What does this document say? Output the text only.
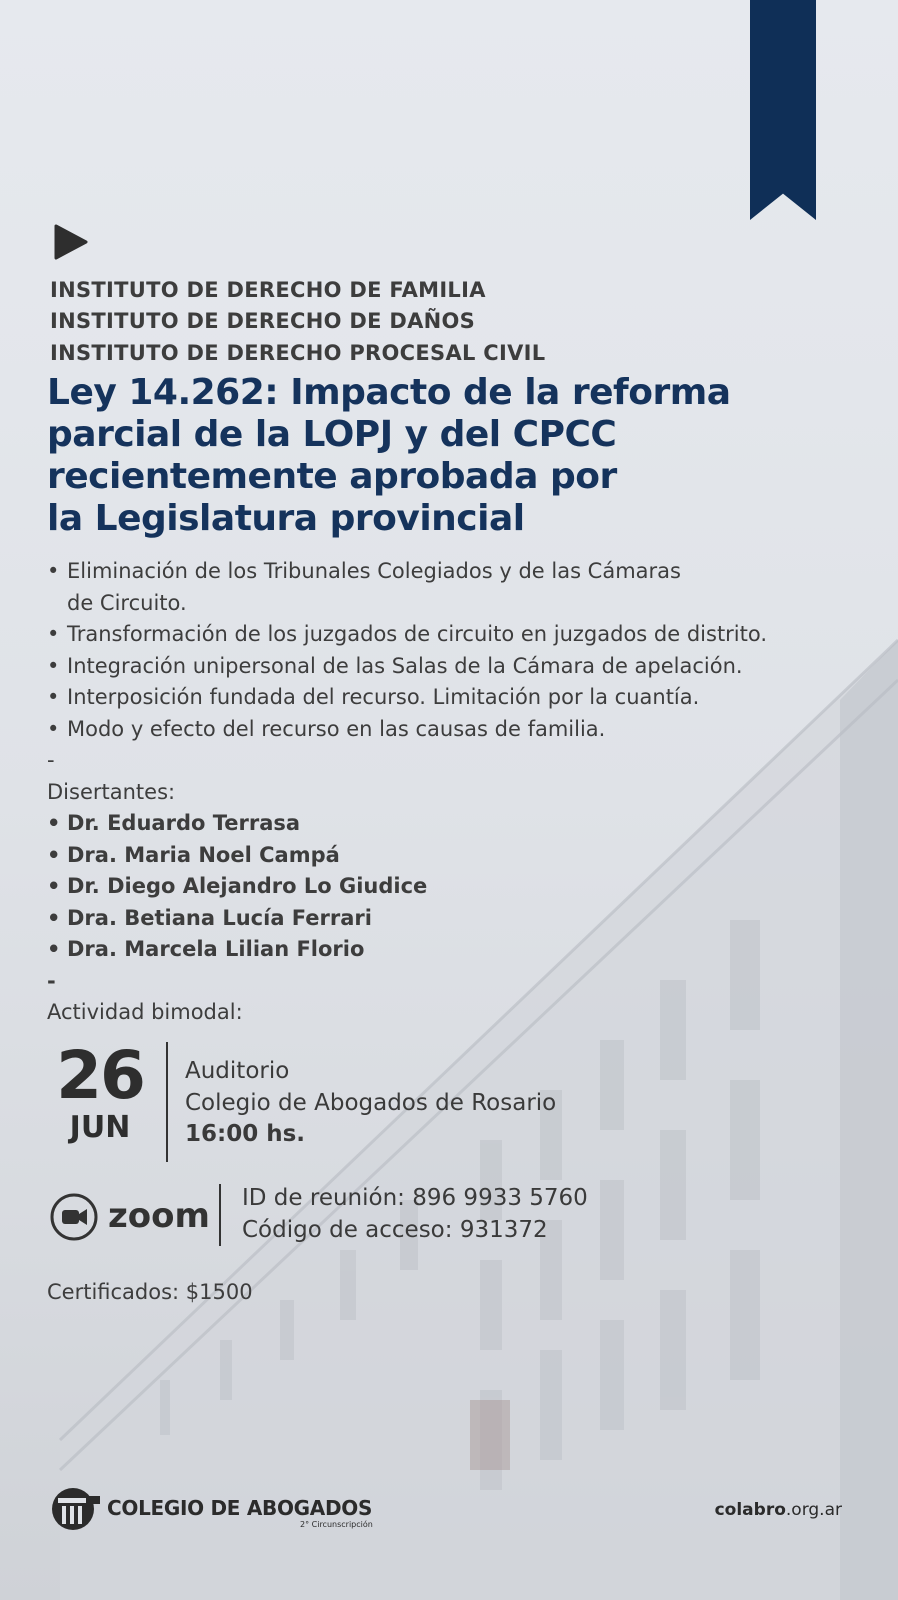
INSTITUTO DE DERECHO DE FAMILIA
INSTITUTO DE DERECHO DE DAÑOS
INSTITUTO DE DERECHO PROCESAL CIVIL
Ley 14.262: Impacto de la reforma
parcial de la LOPJ y del CPCC
recientemente aprobada por
la Legislatura provincial
• Eliminación de los Tribunales Colegiados y de las Cámaras
de Circuito.
• Transformación de los juzgados de circuito en juzgados de distrito.
• Integración unipersonal de las Salas de la Cámara de apelación.
• Interposición fundada del recurso. Limitación por la cuantía.
• Modo y efecto del recurso en las causas de familia.
-
Disertantes:
• Dr. Eduardo Terrasa
• Dra. Maria Noel Campá
• Dr. Diego Alejandro Lo Giudice
• Dra. Betiana Lucía Ferrari
• Dra. Marcela Lilian Florio
-
Actividad bimodal:
26
JUN
Auditorio
Colegio de Abogados de Rosario
16:00 hs.
zoom ID de reunión: 896 9933 5760
Código de acceso: 931372
Certificados: $1500
COLEGIO DE ABOGADOS
2° Circunscripción
colabro.org.ar
